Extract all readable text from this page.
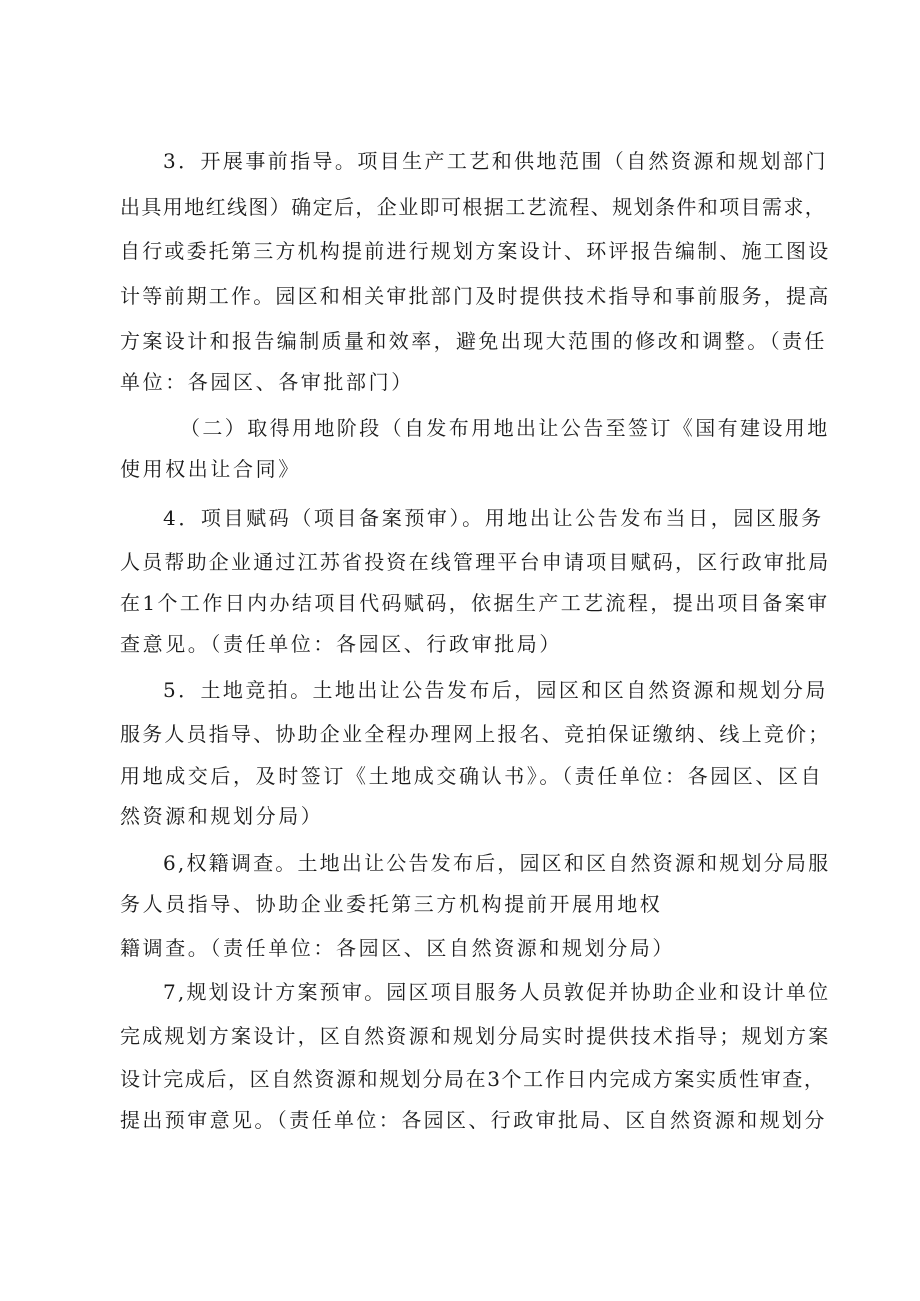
3．开展事前指导。项目生产工艺和供地范围（自然资源和规划部门
出具用地红线图）确定后，企业即可根据工艺流程、规划条件和项目需求，
自行或委托第三方机构提前进行规划方案设计、环评报告编制、施工图设
计等前期工作。园区和相关审批部门及时提供技术指导和事前服务，提高
方案设计和报告编制质量和效率，避免出现大范围的修改和调整。（责任
单位：各园区、各审批部门）
（二）取得用地阶段（自发布用地出让公告至签订《国有建设用地
使用权出让合同》
4．项目赋码（项目备案预审）。用地出让公告发布当日，园区服务
人员帮助企业通过江苏省投资在线管理平台申请项目赋码，区行政审批局
在1个工作日内办结项目代码赋码，依据生产工艺流程，提出项目备案审
查意见。（责任单位：各园区、行政审批局）
5．土地竞拍。土地出让公告发布后，园区和区自然资源和规划分局
服务人员指导、协助企业全程办理网上报名、竞拍保证缴纳、线上竞价；
用地成交后，及时签订《土地成交确认书》。（责任单位：各园区、区自
然资源和规划分局）
6,权籍调查。土地出让公告发布后，园区和区自然资源和规划分局服
务人员指导、协助企业委托第三方机构提前开展用地权
籍调查。（责任单位：各园区、区自然资源和规划分局）
7,规划设计方案预审。园区项目服务人员敦促并协助企业和设计单位
完成规划方案设计，区自然资源和规划分局实时提供技术指导；规划方案
设计完成后，区自然资源和规划分局在3个工作日内完成方案实质性审查，
提出预审意见。（责任单位：各园区、行政审批局、区自然资源和规划分
